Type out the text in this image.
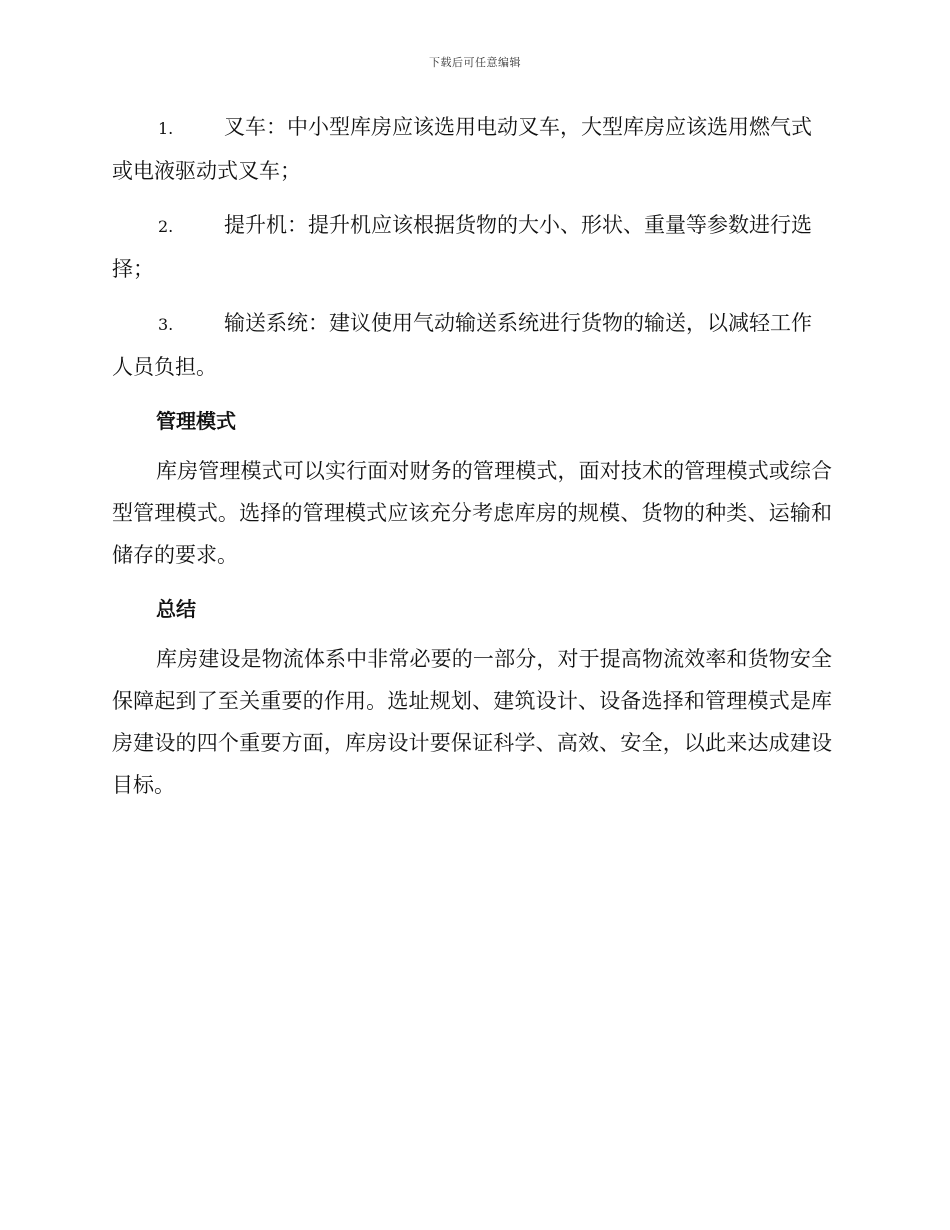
下载后可任意编辑

1. 叉车：中小型库房应该选用电动叉车，大型库房应该选用燃气式或电液驱动式叉车；

2. 提升机：提升机应该根据货物的大小、形状、重量等参数进行选择；

3. 输送系统：建议使用气动输送系统进行货物的输送，以减轻工作人员负担。

管理模式

库房管理模式可以实行面对财务的管理模式，面对技术的管理模式或综合型管理模式。选择的管理模式应该充分考虑库房的规模、货物的种类、运输和储存的要求。

总结

库房建设是物流体系中非常必要的一部分，对于提高物流效率和货物安全保障起到了至关重要的作用。选址规划、建筑设计、设备选择和管理模式是库房建设的四个重要方面，库房设计要保证科学、高效、安全，以此来达成建设目标。
